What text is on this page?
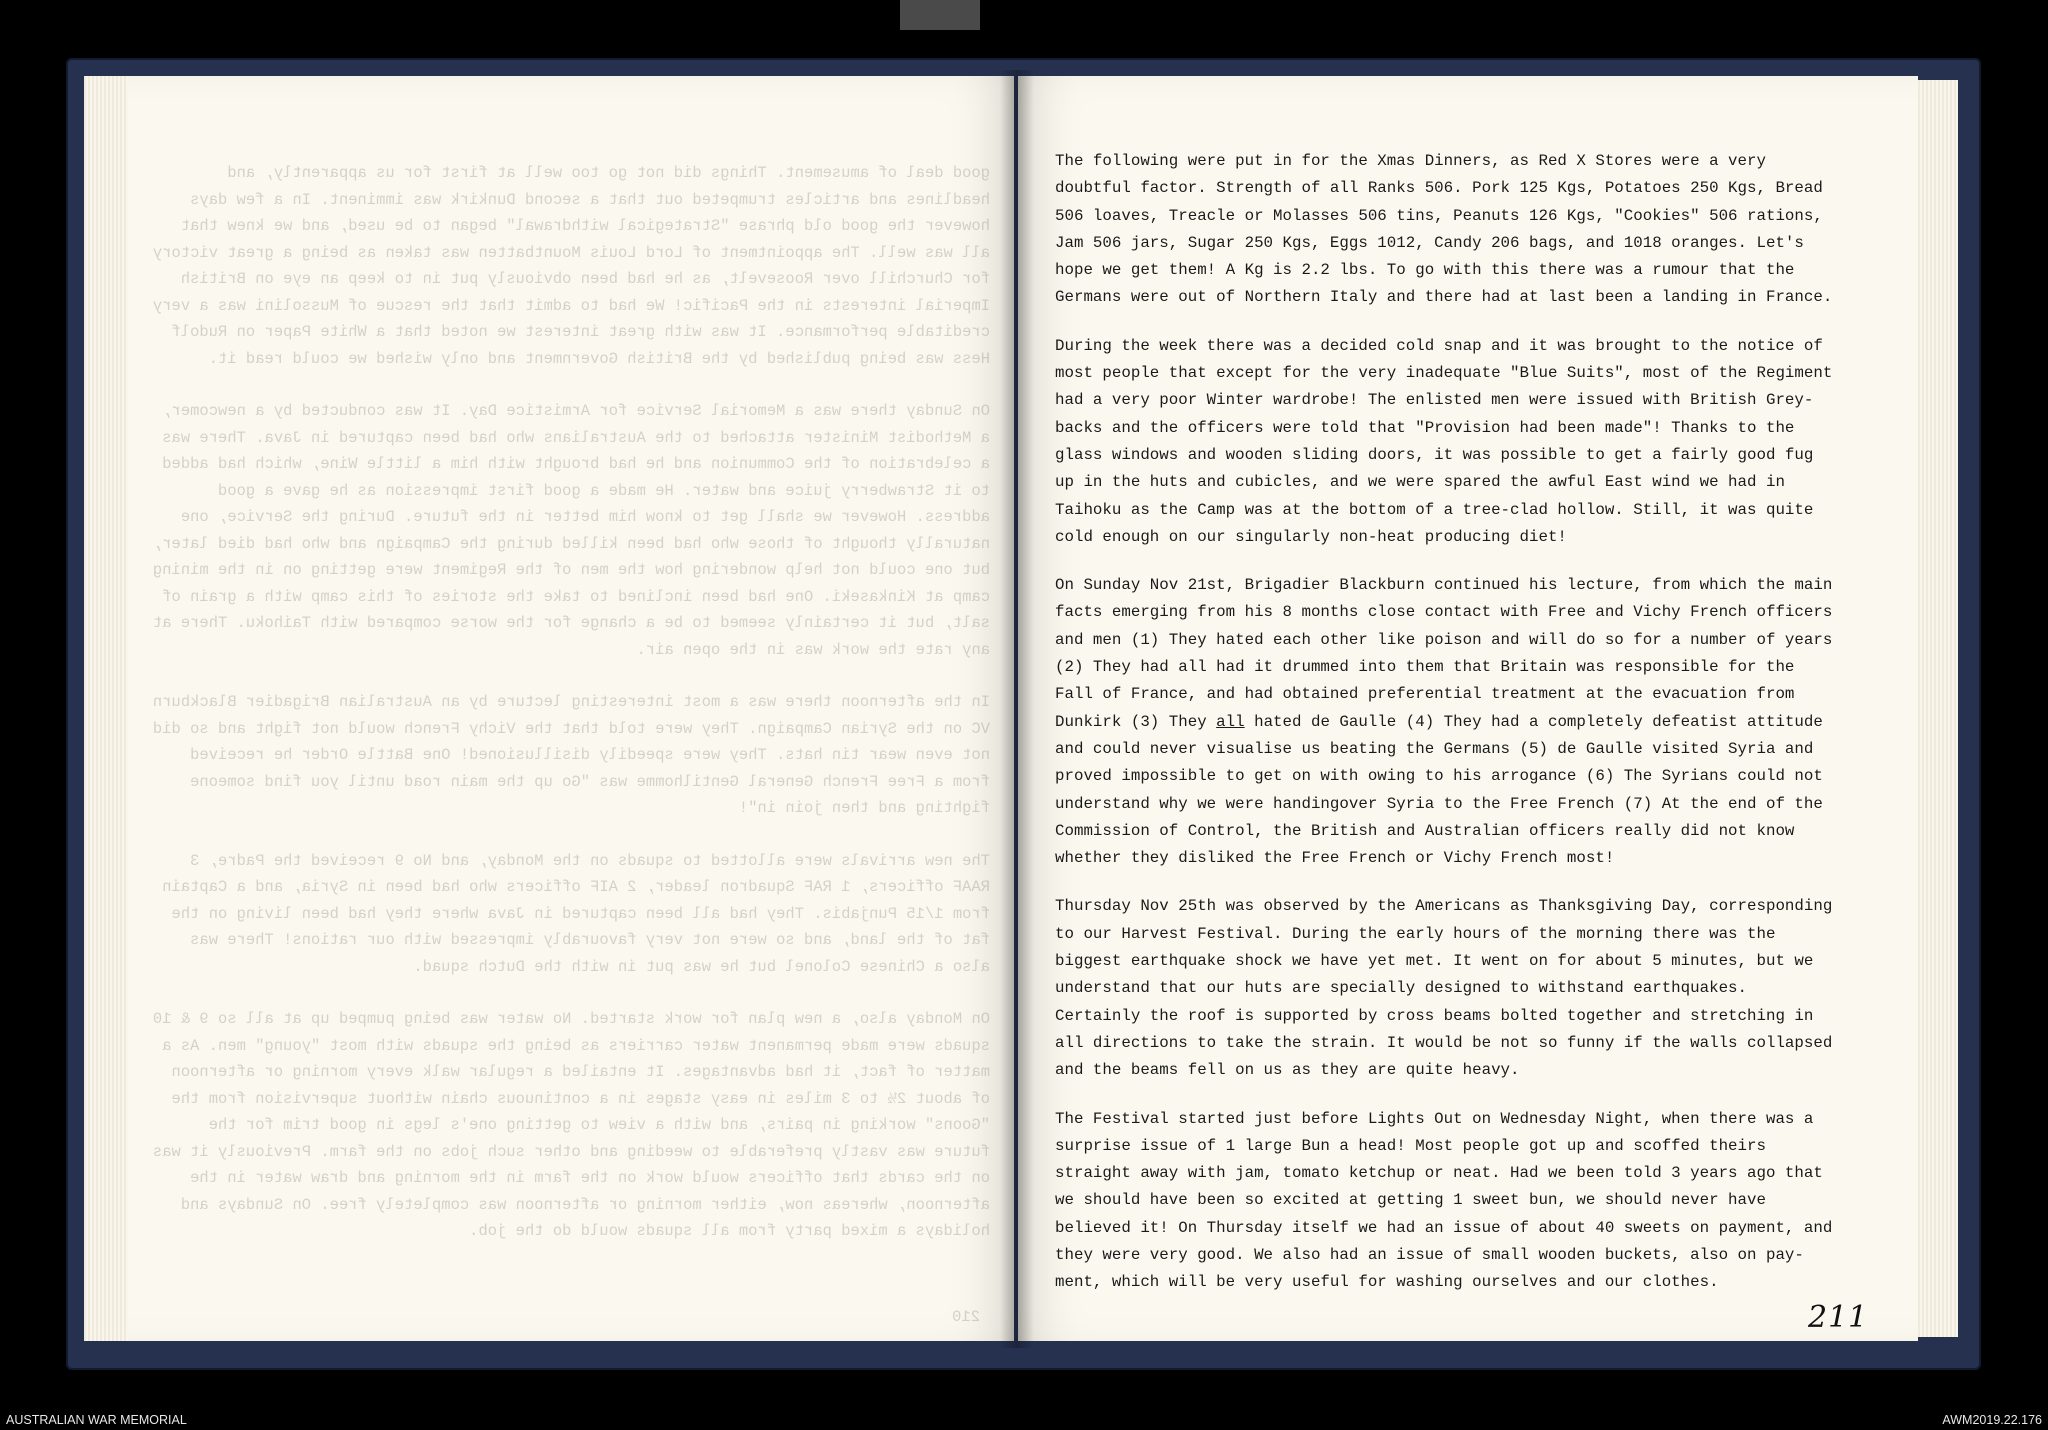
good deal of amusement. Things did not go too well at first for us apparently, and headlines and articles trumpeted out that a second Dunkirk was imminent. In a few days however the good old phrase "Strategical withdrawal" began to be used, and we knew that all was well. The appointment of Lord Louis Mountbatten was taken as being a great victory for Churchill over Roosevelt, as he had been obviously put in to keep an eye on British Imperial interests in the Pacific! We had to admit that the rescue of Mussolini was a very creditable performance. It was with great interest we noted that a White Paper on Rudolf Hess was being published by the British Government and only wished we could read it.

On Sunday there was a Memorial Service for Armistice Day. It was conducted by a newcomer, a Methodist Minister attached to the Australians who had been captured in Java. There was a celebration of the Communion and he had brought with him a little Wine, which had added to it Strawberry juice and water. He made a good first impression as he gave a good address. However we shall get to know him better in the future. During the Service, one naturally thought of those who had been killed during the Campaign and who had died later, but one could not help wondering how the men of the Regiment were getting on in the mining camp at Kinkaseki. One had been inclined to take the stories of this camp with a grain of salt, but it certainly seemed to be a change for the worse compared with Taihoku. There at any rate the work was in the open air.

In the afternoon there was a most interesting lecture by an Australian Brigadier Blackburn VC on the Syrian Campaign. They were told that the Vichy French would not fight and so did not even wear tin hats. They were speedily disillusioned! One Battle Order he received from a Free French General Gentilhomme was "Go up the main road until you find someone fighting and then join in"!

The new arrivals were allotted to squads on the Monday, and No 9 received the Padre, 3 RAAF officers, 1 RAF Squadron leader, 2 AIF officers who had been in Syria, and a Captain from 1/15 Punjabis. They had all been captured in Java where they had been living on the fat of the land, and so were not very favourably impressed with our rations! There was also a Chinese Colonel but he was put in with the Dutch squad.

On Monday also, a new plan for work started. No water was being pumped up at all so 9 & 10 squads were made permanent water carriers as being the squads with most "young" men. As a matter of fact, it had advantages. It entailed a regular walk every morning or afternoon of about 2½ to 3 miles in easy stages in a continuous chain without supervision from the "Goons" working in pairs, and with a view to getting one's legs in good trim for the future was vastly preferable to weeding and other such jobs on the farm. Previously it was on the cards that officers would work on the farm in the morning and draw water in the afternoon, whereas now, either morning or afternoon was completely free. On Sundays and holidays a mixed party from all squads would do the job.

210

The following were put in for the Xmas Dinners, as Red X Stores were a very doubtful factor. Strength of all Ranks 506. Pork 125 Kgs, Potatoes 250 Kgs, Bread 506 loaves, Treacle or Molasses 506 tins, Peanuts 126 Kgs, "Cookies" 506 rations, Jam 506 jars, Sugar 250 Kgs, Eggs 1012, Candy 206 bags, and 1018 oranges. Let's hope we get them! A Kg is 2.2 lbs. To go with this there was a rumour that the Germans were out of Northern Italy and there had at last been a landing in France.

During the week there was a decided cold snap and it was brought to the notice of most people that except for the very inadequate "Blue Suits", most of the Regiment had a very poor Winter wardrobe! The enlisted men were issued with British Grey-backs and the officers were told that "Provision had been made"! Thanks to the glass windows and wooden sliding doors, it was possible to get a fairly good fug up in the huts and cubicles, and we were spared the awful East wind we had in Taihoku as the Camp was at the bottom of a tree-clad hollow. Still, it was quite cold enough on our singularly non-heat producing diet!

On Sunday Nov 21st, Brigadier Blackburn continued his lecture, from which the main facts emerging from his 8 months close contact with Free and Vichy French officers and men (1) They hated each other like poison and will do so for a number of years (2) They had all had it drummed into them that Britain was responsible for the Fall of France, and had obtained preferential treatment at the evacuation from Dunkirk (3) They all hated de Gaulle (4) They had a completely defeatist attitude and could never visualise us beating the Germans (5) de Gaulle visited Syria and proved impossible to get on with owing to his arrogance (6) The Syrians could not understand why we were handingover Syria to the Free French (7) At the end of the Commission of Control, the British and Australian officers really did not know whether they disliked the Free French or Vichy French most!

Thursday Nov 25th was observed by the Americans as Thanksgiving Day, corresponding to our Harvest Festival. During the early hours of the morning there was the biggest earthquake shock we have yet met. It went on for about 5 minutes, but we understand that our huts are specially designed to withstand earthquakes. Certainly the roof is supported by cross beams bolted together and stretching in all directions to take the strain. It would be not so funny if the walls collapsed and the beams fell on us as they are quite heavy.

The Festival started just before Lights Out on Wednesday Night, when there was a surprise issue of 1 large Bun a head! Most people got up and scoffed theirs straight away with jam, tomato ketchup or neat. Had we been told 3 years ago that we should have been so excited at getting 1 sweet bun, we should never have believed it! On Thursday itself we had an issue of about 40 sweets on payment, and they were very good. We also had an issue of small wooden buckets, also on pay-ment, which will be very useful for washing ourselves and our clothes.

211
AUSTRALIAN WAR MEMORIAL	AWM2019.22.176
